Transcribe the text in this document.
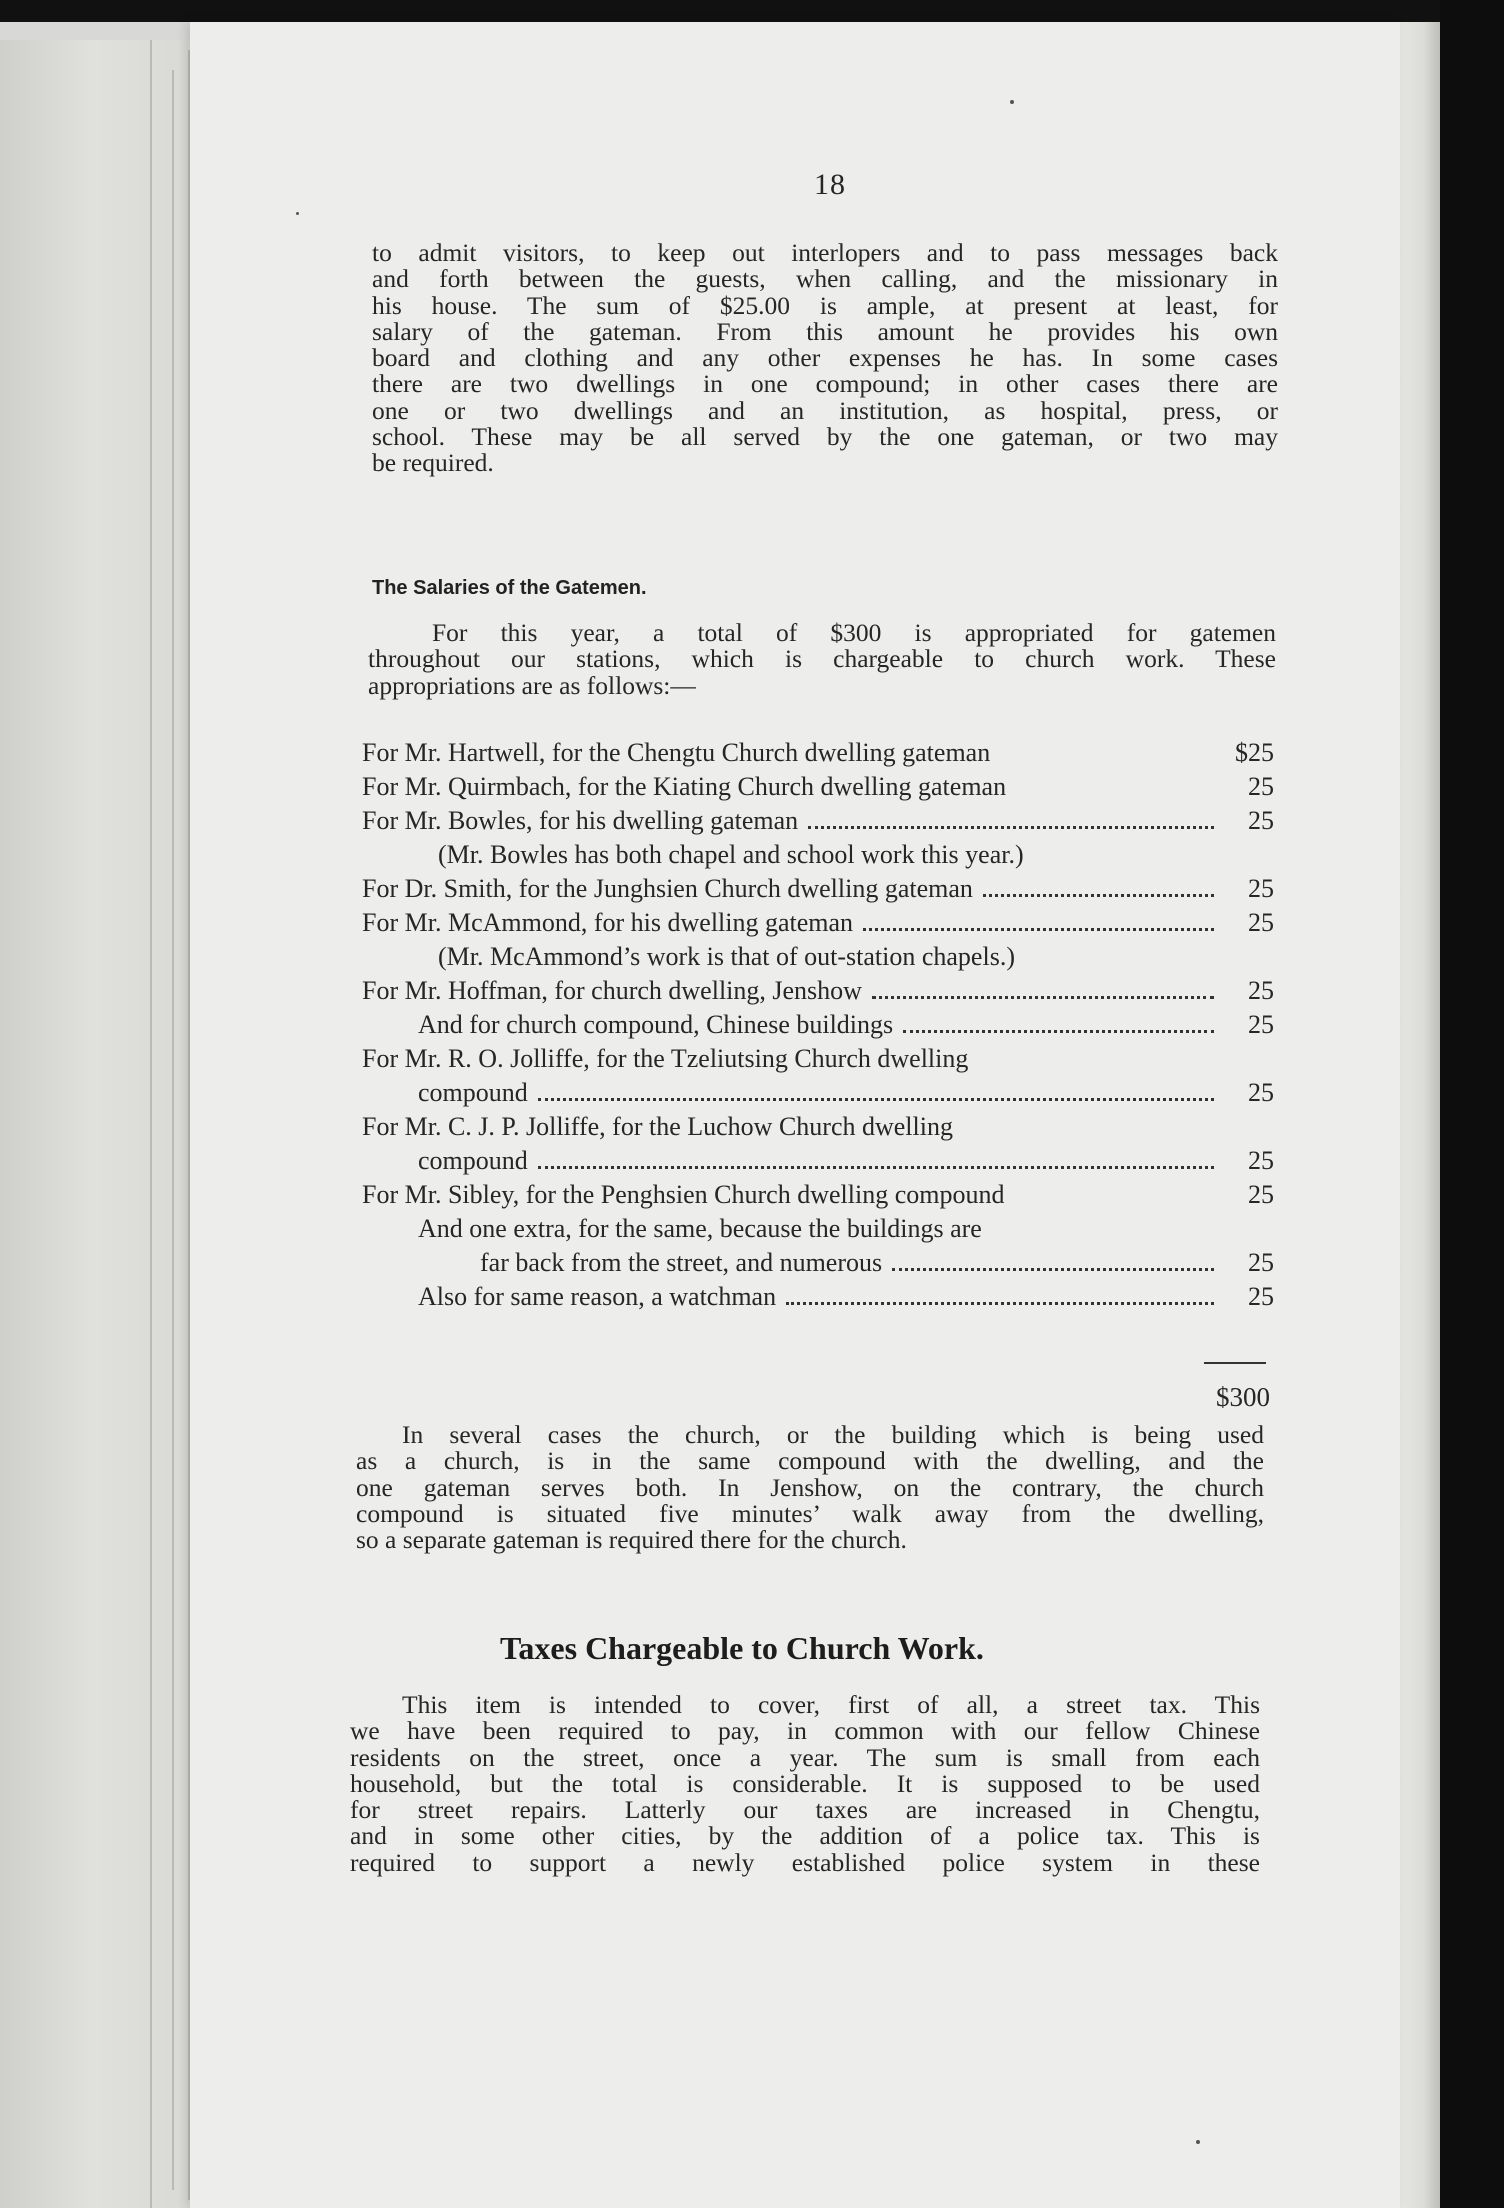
18

to admit visitors, to keep out interlopers and to pass messages back
and forth between the guests, when calling, and the missionary in
his house. The sum of $25.00 is ample, at present at least, for
salary of the gateman. From this amount he provides his own
board and clothing and any other expenses he has. In some cases
there are two dwellings in one compound; in other cases there are
one or two dwellings and an institution, as hospital, press, or
school. These may be all served by the one gateman, or two may
be required.

The Salaries of the Gatemen.

For this year, a total of $300 is appropriated for gatemen
throughout our stations, which is chargeable to church work. These
appropriations are as follows:—

For Mr. Hartwell, for the Chengtu Church dwelling gateman	$25
For Mr. Quirmbach, for the Kiating Church dwelling gateman	25
For Mr. Bowles, for his dwelling gateman	25
(Mr. Bowles has both chapel and school work this year.)
For Dr. Smith, for the Junghsien Church dwelling gateman	25
For Mr. McAmmond, for his dwelling gateman	25
(Mr. McAmmond’s work is that of out-station chapels.)
For Mr. Hoffman, for church dwelling, Jenshow	25
And for church compound, Chinese buildings	25
For Mr. R. O. Jolliffe, for the Tzeliutsing Church dwelling
compound	25
For Mr. C. J. P. Jolliffe, for the Luchow Church dwelling
compound	25
For Mr. Sibley, for the Penghsien Church dwelling compound	25
And one extra, for the same, because the buildings are
far back from the street, and numerous	25
Also for same reason, a watchman	25
$300

In several cases the church, or the building which is being used
as a church, is in the same compound with the dwelling, and the
one gateman serves both. In Jenshow, on the contrary, the church
compound is situated five minutes’ walk away from the dwelling,
so a separate gateman is required there for the church.

Taxes Chargeable to Church Work.

This item is intended to cover, first of all, a street tax. This
we have been required to pay, in common with our fellow Chinese
residents on the street, once a year. The sum is small from each
household, but the total is considerable. It is supposed to be used
for street repairs. Latterly our taxes are increased in Chengtu,
and in some other cities, by the addition of a police tax. This is
required to support a newly established police system in these
